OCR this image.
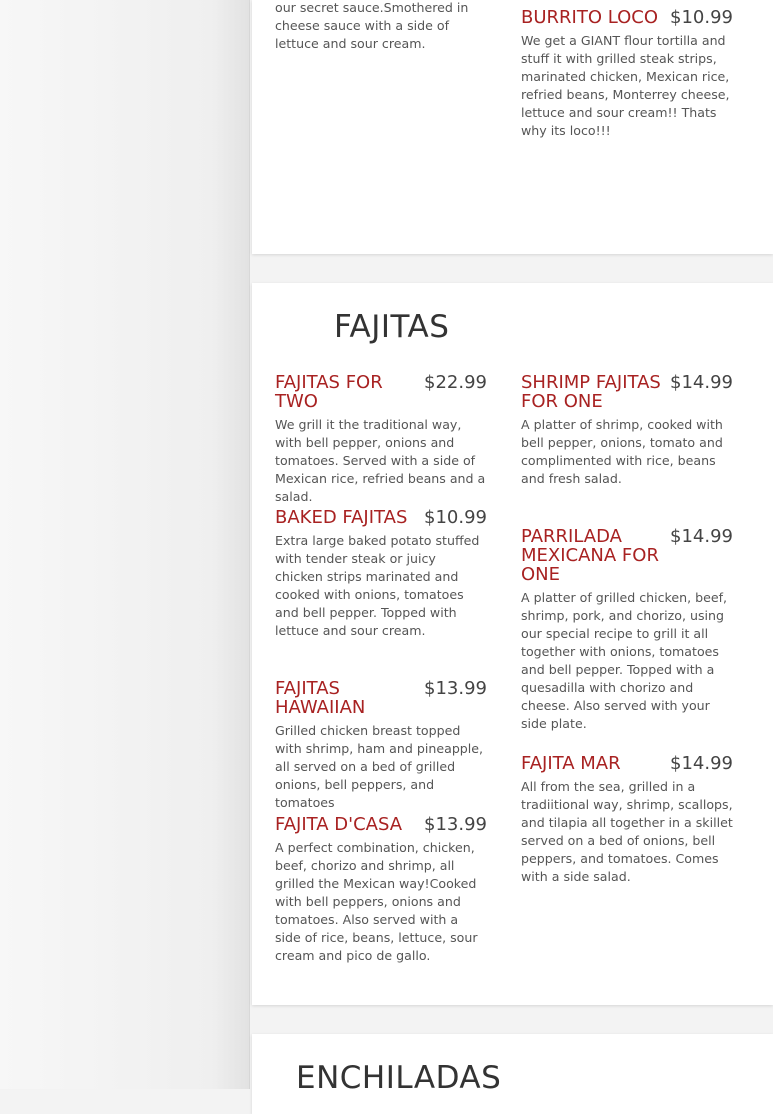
our secret sauce.Smothered in cheese sauce with a side of lettuce and sour cream.
BURRITO LOCO $10.99
We get a GIANT flour tortilla and stuff it with grilled steak strips, marinated chicken, Mexican rice, refried beans, Monterrey cheese, lettuce and sour cream!! Thats why its loco!!!
FAJITAS
FAJITAS FOR TWO
$22.99
We grill it the traditional way, with bell pepper, onions and tomatoes. Served with a side of Mexican rice, refried beans and a salad.
SHRIMP FAJITAS FOR ONE
$14.99
A platter of shrimp, cooked with bell pepper, onions, tomato and complimented with rice, beans and fresh salad.
BAKED FAJITAS $10.99
Extra large baked potato stuffed with tender steak or juicy chicken strips marinated and cooked with onions, tomatoes and bell pepper. Topped with lettuce and sour cream.
PARRILADA MEXICANA FOR ONE
$14.99
A platter of grilled chicken, beef, shrimp, pork, and chorizo, using our special recipe to grill it all together with onions, tomatoes and bell pepper. Topped with a quesadilla with chorizo and cheese. Also served with your side plate.
FAJITAS HAWAIIAN
$13.99
Grilled chicken breast topped with shrimp, ham and pineapple, all served on a bed of grilled onions, bell peppers, and tomatoes
FAJITA MAR	$14.99
All from the sea, grilled in a tradiitional way, shrimp, scallops, and tilapia all together in a skillet served on a bed of onions, bell peppers, and tomatoes. Comes with a side salad.
FAJITA D'CASA $13.99
A perfect combination, chicken, beef, chorizo and shrimp, all grilled the Mexican way!Cooked with bell peppers, onions and tomatoes. Also served with a side of rice, beans, lettuce, sour cream and pico de gallo.
ENCHILADAS
